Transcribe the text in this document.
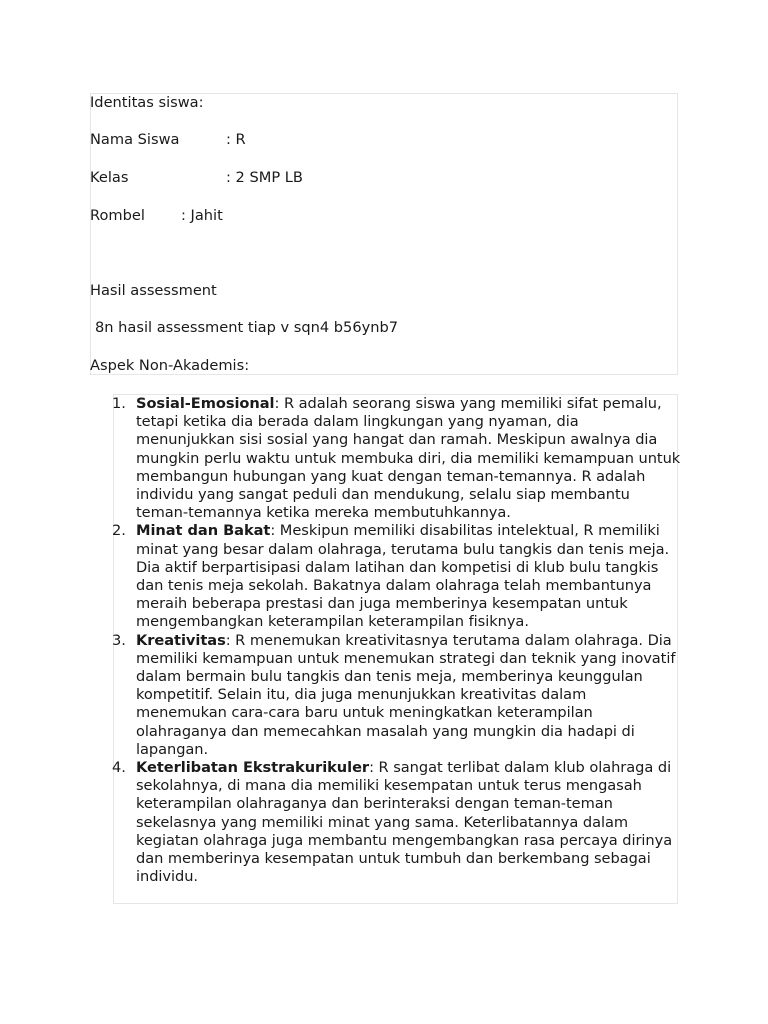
Identitas siswa:
Nama Siswa	: R
Kelas	: 2 SMP LB
Rombel : Jahit
Hasil assessment
8n hasil assessment tiap v sqn4 b56ynb7
Aspek Non-Akademis:
1. Sosial-Emosional: R adalah seorang siswa yang memiliki sifat pemalu, tetapi ketika dia berada dalam lingkungan yang nyaman, dia menunjukkan sisi sosial yang hangat dan ramah. Meskipun awalnya dia mungkin perlu waktu untuk membuka diri, dia memiliki kemampuan untuk membangun hubungan yang kuat dengan teman-temannya. R adalah individu yang sangat peduli dan mendukung, selalu siap membantu teman-temannya ketika mereka membutuhkannya.
2. Minat dan Bakat: Meskipun memiliki disabilitas intelektual, R memiliki minat yang besar dalam olahraga, terutama bulu tangkis dan tenis meja. Dia aktif berpartisipasi dalam latihan dan kompetisi di klub bulu tangkis dan tenis meja sekolah. Bakatnya dalam olahraga telah membantunya meraih beberapa prestasi dan juga memberinya kesempatan untuk mengembangkan keterampilan keterampilan fisiknya.
3. Kreativitas: R menemukan kreativitasnya terutama dalam olahraga. Dia memiliki kemampuan untuk menemukan strategi dan teknik yang inovatif dalam bermain bulu tangkis dan tenis meja, memberinya keunggulan kompetitif. Selain itu, dia juga menunjukkan kreativitas dalam menemukan cara-cara baru untuk meningkatkan keterampilan olahraganya dan memecahkan masalah yang mungkin dia hadapi di lapangan.
4. Keterlibatan Ekstrakurikuler: R sangat terlibat dalam klub olahraga di sekolahnya, di mana dia memiliki kesempatan untuk terus mengasah keterampilan olahraganya dan berinteraksi dengan teman-teman sekelasnya yang memiliki minat yang sama. Keterlibatannya dalam kegiatan olahraga juga membantu mengembangkan rasa percaya dirinya dan memberinya kesempatan untuk tumbuh dan berkembang sebagai individu.
